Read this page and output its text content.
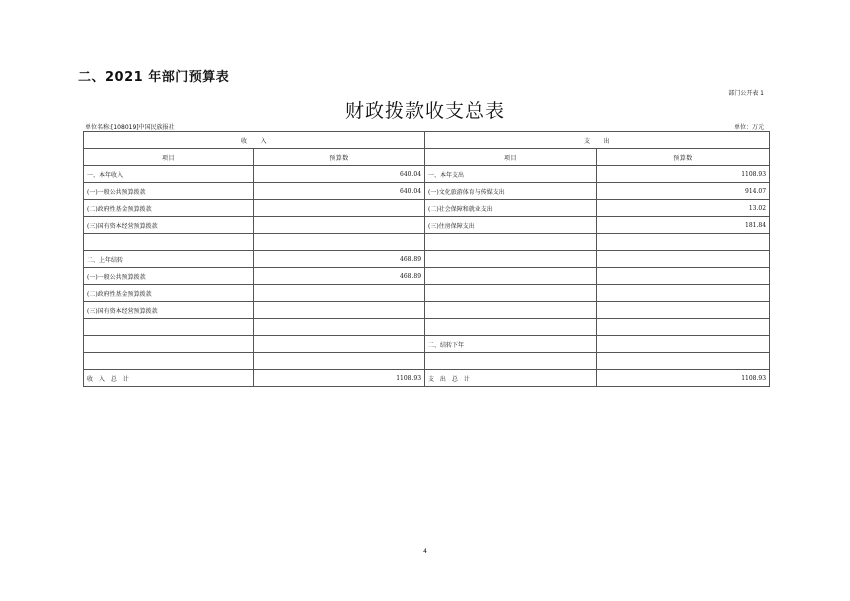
二、2021 年部门预算表
部门公开表 1
财政拨款收支总表
单位名称:[108019]中国民族报社	单位：万元
收　　入		支　　出	
项目	预算数	项目	预算数
一、本年收入	640.04	一、本年支出	1108.93
(一)一般公共预算拨款	640.04	(一)文化旅游体育与传媒支出	914.07
(二)政府性基金预算拨款		(二)社会保障和就业支出	13.02
(三)国有资本经营预算拨款		(三)住房保障支出	181.84

二、上年结转	468.89		
(一)一般公共预算拨款	468.89		
(二)政府性基金预算拨款			
(三)国有资本经营预算拨款			

		二、结转下年	

收 入 总 计	1108.93	支 出 总 计	1108.93
4
